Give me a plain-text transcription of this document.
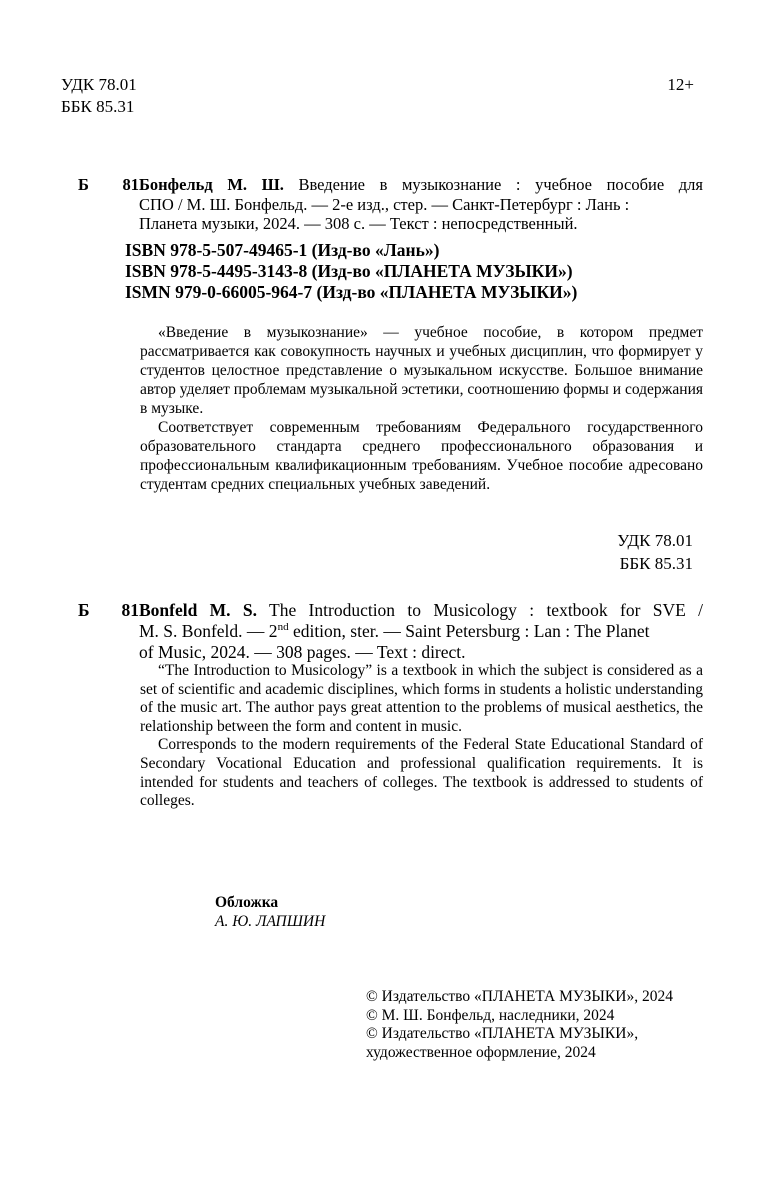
УДК 78.01
ББК 85.31
12+
Б 81Бонфельд М. Ш. Введение в музыкознание : учебное пособие для
СПО / М. Ш. Бонфельд. — 2-е изд., стер. — Санкт-Петербург : Лань :
Планета музыки, 2024. — 308 с. — Текст : непосредственный.
ISBN 978-5-507-49465-1 (Изд-во «Лань»)
ISBN 978-5-4495-3143-8 (Изд-во «ПЛАНЕТА МУЗЫКИ»)
ISMN 979-0-66005-964-7 (Изд-во «ПЛАНЕТА МУЗЫКИ»)

«Введение в музыкознание» — учебное пособие, в котором предмет рассматривается как совокупность научных и учебных дисциплин, что формирует у студентов целостное представление о музыкальном искусстве. Большое внимание автор уделяет проблемам музыкальной эстетики, соотношению формы и содержания в музыке.

Соответствует современным требованиям Федерального государственного образовательного стандарта среднего профессионального образования и профессиональным квалификационным требованиям. Учебное пособие адресовано студентам средних специальных учебных заведений.

УДК 78.01
ББК 85.31
Б 81Bonfeld M. S. The Introduction to Musicology : textbook for SVE /
M. S. Bonfeld. — 2nd edition, ster. — Saint Petersburg : Lan : The Planet
of Music, 2024. — 308 pages. — Text : direct.

“The Introduction to Musicology” is a textbook in which the subject is considered as a set of scientific and academic disciplines, which forms in students a holistic understanding of the music art. The author pays great attention to the problems of musical aesthetics, the relationship between the form and content in music.

Corresponds to the modern requirements of the Federal State Educational Standard of Secondary Vocational Education and professional qualification requirements. It is intended for students and teachers of colleges. The textbook is addressed to students of colleges.

Обложка
А. Ю. ЛАПШИН
© Издательство «ПЛАНЕТА МУЗЫКИ», 2024
© М. Ш. Бонфельд, наследники, 2024
© Издательство «ПЛАНЕТА МУЗЫКИ»,
художественное оформление, 2024
